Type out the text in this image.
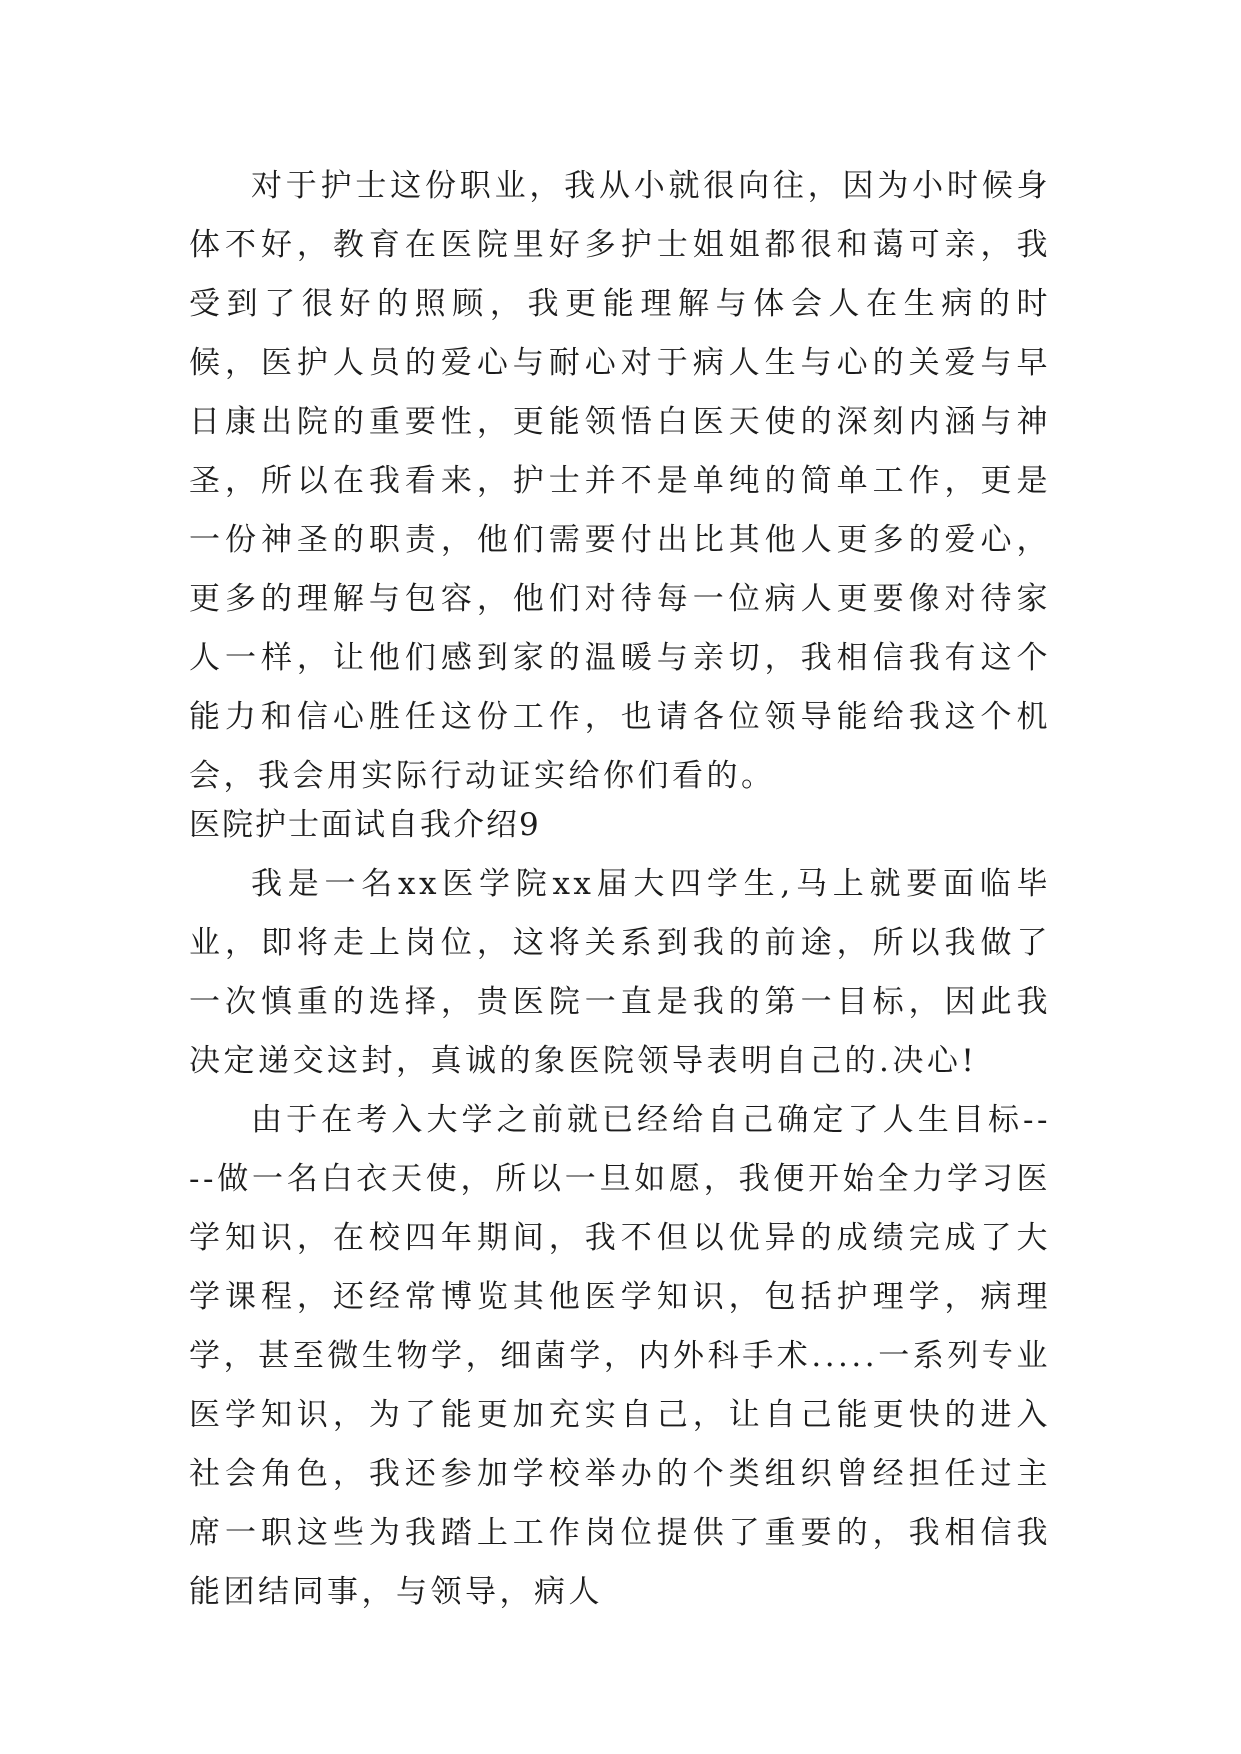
对于护士这份职业，我从小就很向往，因为小时候身体不好，教育在医院里好多护士姐姐都很和蔼可亲，我受到了很好的照顾，我更能理解与体会人在生病的时候，医护人员的爱心与耐心对于病人生与心的关爱与早日康出院的重要性，更能领悟白医天使的深刻内涵与神圣，所以在我看来，护士并不是单纯的简单工作，更是一份神圣的职责，他们需要付出比其他人更多的爱心，更多的理解与包容，他们对待每一位病人更要像对待家人一样，让他们感到家的温暖与亲切，我相信我有这个能力和信心胜任这份工作，也请各位领导能给我这个机会，我会用实际行动证实给你们看的。

医院护士面试自我介绍9

我是一名xx医学院xx届大四学生,马上就要面临毕业，即将走上岗位，这将关系到我的前途，所以我做了一次慎重的选择，贵医院一直是我的第一目标，因此我决定递交这封，真诚的象医院领导表明自己的.决心!

由于在考入大学之前就已经给自己确定了人生目标----做一名白衣天使，所以一旦如愿，我便开始全力学习医学知识，在校四年期间，我不但以优异的成绩完成了大学课程，还经常博览其他医学知识，包括护理学，病理学，甚至微生物学，细菌学，内外科手术.....一系列专业医学知识，为了能更加充实自己，让自己能更快的进入社会角色，我还参加学校举办的个类组织曾经担任过主席一职这些为我踏上工作岗位提供了重要的，我相信我能团结同事，与领导，病人
